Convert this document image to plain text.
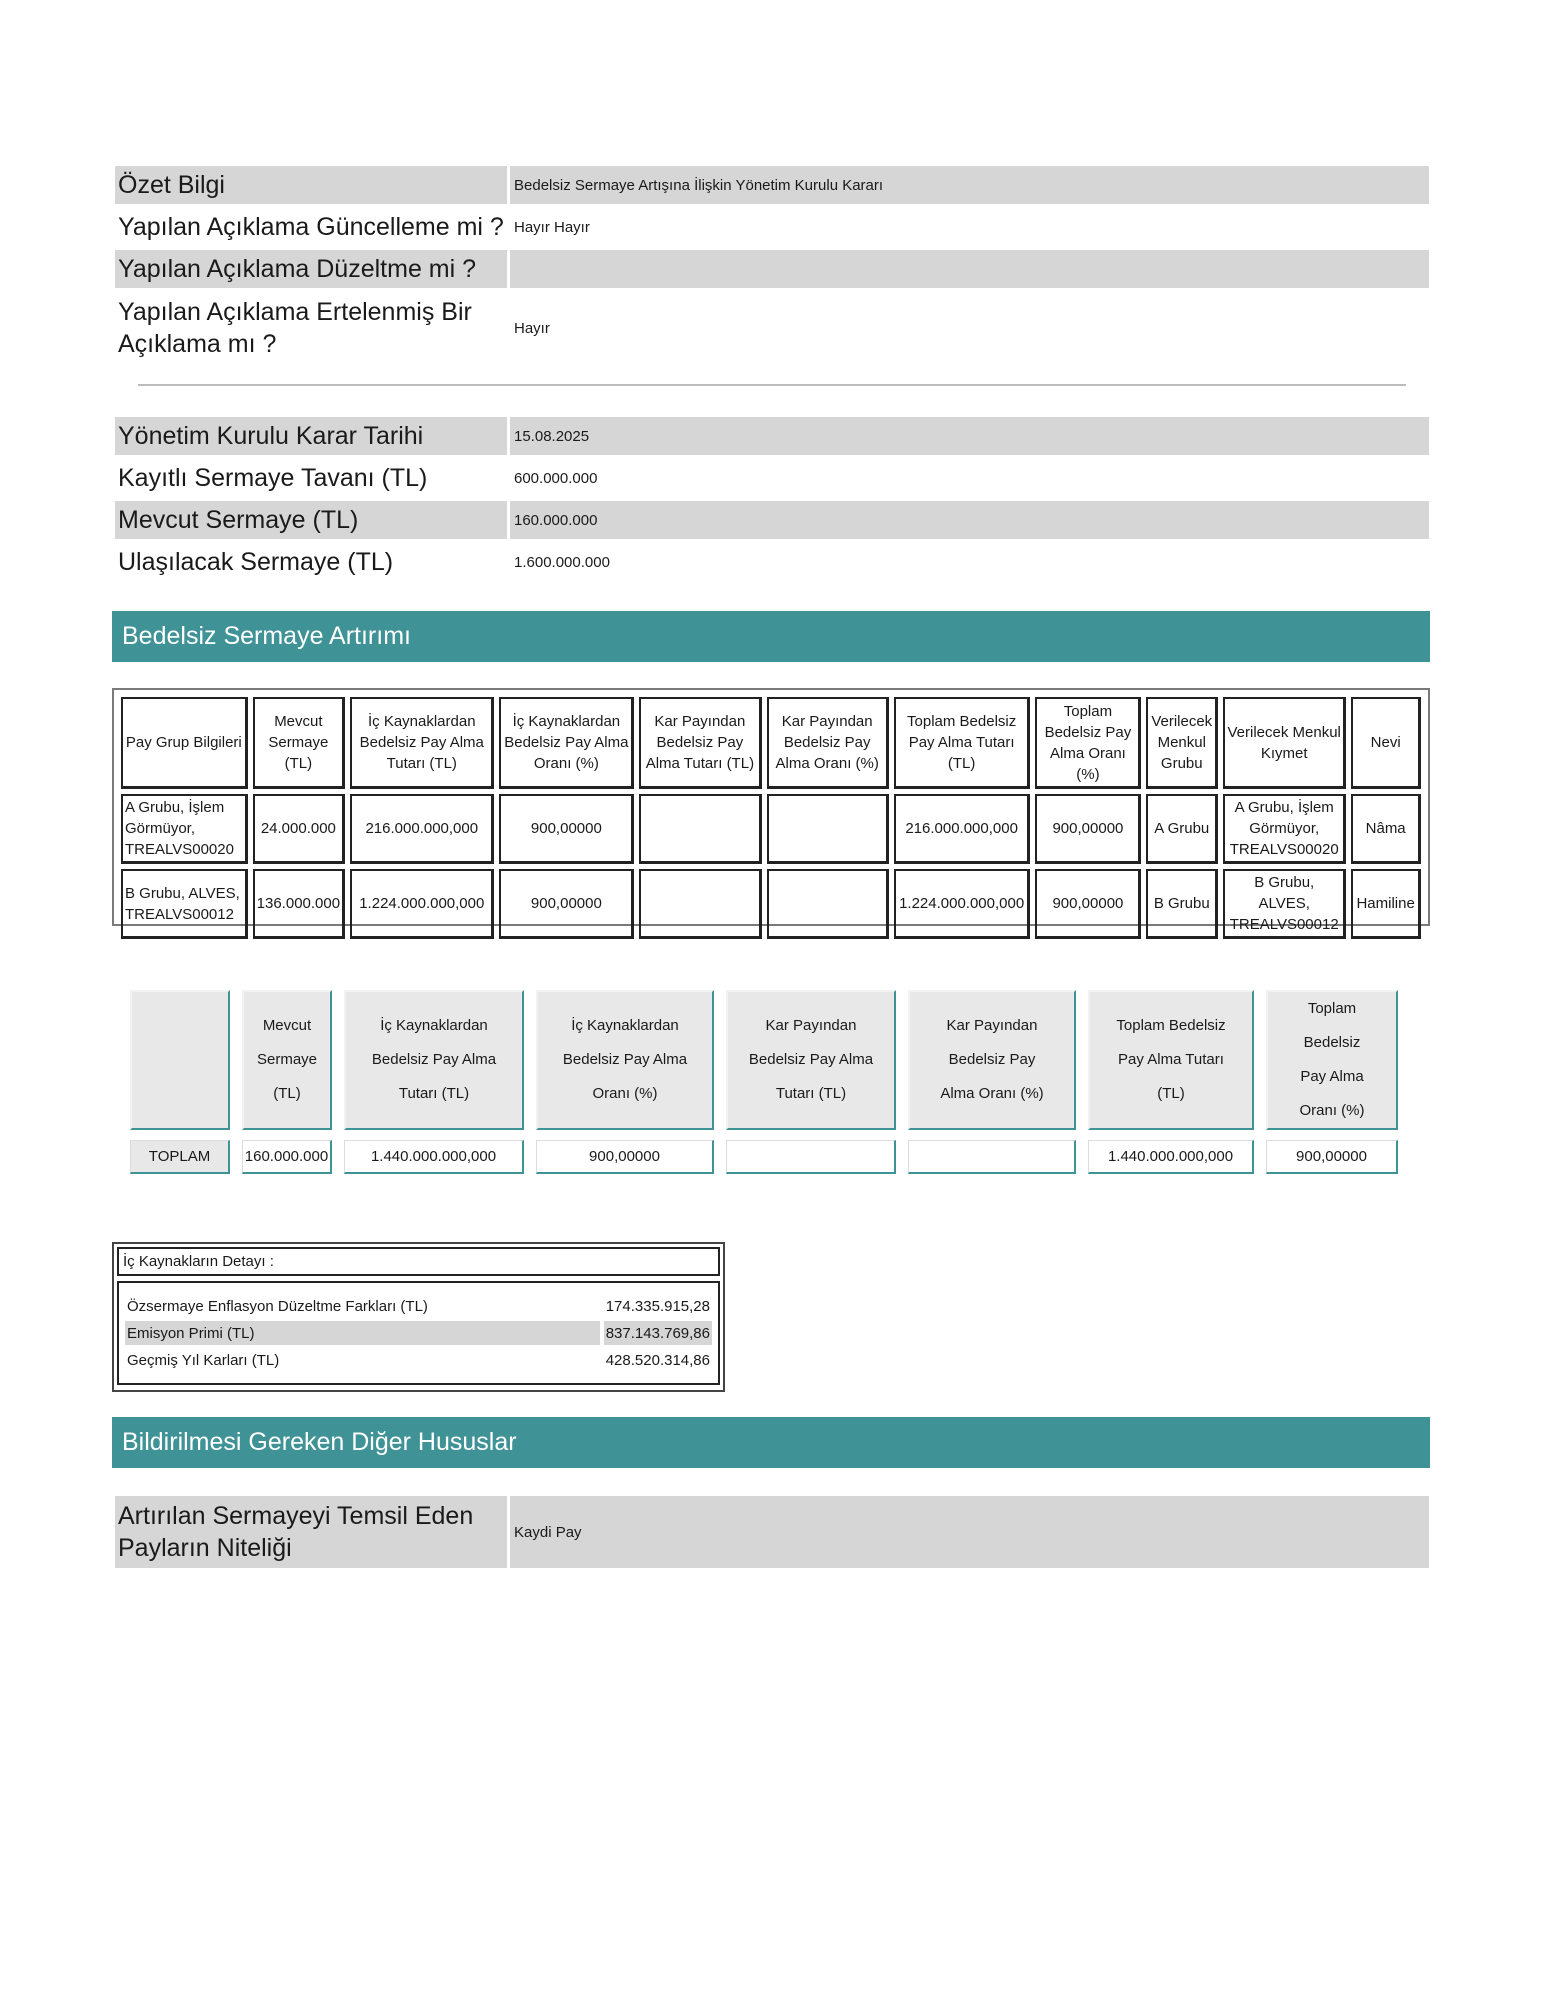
Özet Bilgi	Bedelsiz Sermaye Artışına İlişkin Yönetim Kurulu Kararı
Yapılan Açıklama Güncelleme mi ?	Hayır Hayır
Yapılan Açıklama Düzeltme mi ?	
Yapılan Açıklama Ertelenmiş Bir Açıklama mı ?	Hayır
Yönetim Kurulu Karar Tarihi	15.08.2025
Kayıtlı Sermaye Tavanı (TL)	600.000.000
Mevcut Sermaye (TL)	160.000.000
Ulaşılacak Sermaye (TL)	1.600.000.000
Bedelsiz Sermaye Artırımı
Pay Grup Bilgileri	Mevcut Sermaye (TL)	İç Kaynaklardan Bedelsiz Pay Alma Tutarı (TL)	İç Kaynaklardan Bedelsiz Pay Alma Oranı (%)	Kar Payından Bedelsiz Pay Alma Tutarı (TL)	Kar Payından Bedelsiz Pay Alma Oranı (%)	Toplam Bedelsiz Pay Alma Tutarı (TL)	Toplam Bedelsiz Pay Alma Oranı (%)	Verilecek Menkul Grubu	Verilecek Menkul Kıymet	Nevi
A Grubu, İşlem Görmüyor, TREALVS00020	24.000.000	216.000.000,000	900,00000			216.000.000,000	900,00000	A Grubu	A Grubu, İşlem Görmüyor, TREALVS00020	Nâma
B Grubu, ALVES, TREALVS00012	136.000.000	1.224.000.000,000	900,00000			1.224.000.000,000	900,00000	B Grubu	B Grubu, ALVES, TREALVS00012	Hamiline
	Mevcut Sermaye (TL)	İç Kaynaklardan Bedelsiz Pay Alma Tutarı (TL)	İç Kaynaklardan Bedelsiz Pay Alma Oranı (%)	Kar Payından Bedelsiz Pay Alma Tutarı (TL)	Kar Payından Bedelsiz Pay Alma Oranı (%)	Toplam Bedelsiz Pay Alma Tutarı (TL)	Toplam Bedelsiz Pay Alma Oranı (%)
TOPLAM	160.000.000	1.440.000.000,000	900,00000			1.440.000.000,000	900,00000
İç Kaynakların Detayı :
Özsermaye Enflasyon Düzeltme Farkları (TL)	174.335.915,28
Emisyon Primi (TL)	837.143.769,86
Geçmiş Yıl Karları (TL)	428.520.314,86
Bildirilmesi Gereken Diğer Hususlar
Artırılan Sermayeyi Temsil Eden Payların Niteliği	Kaydi Pay
